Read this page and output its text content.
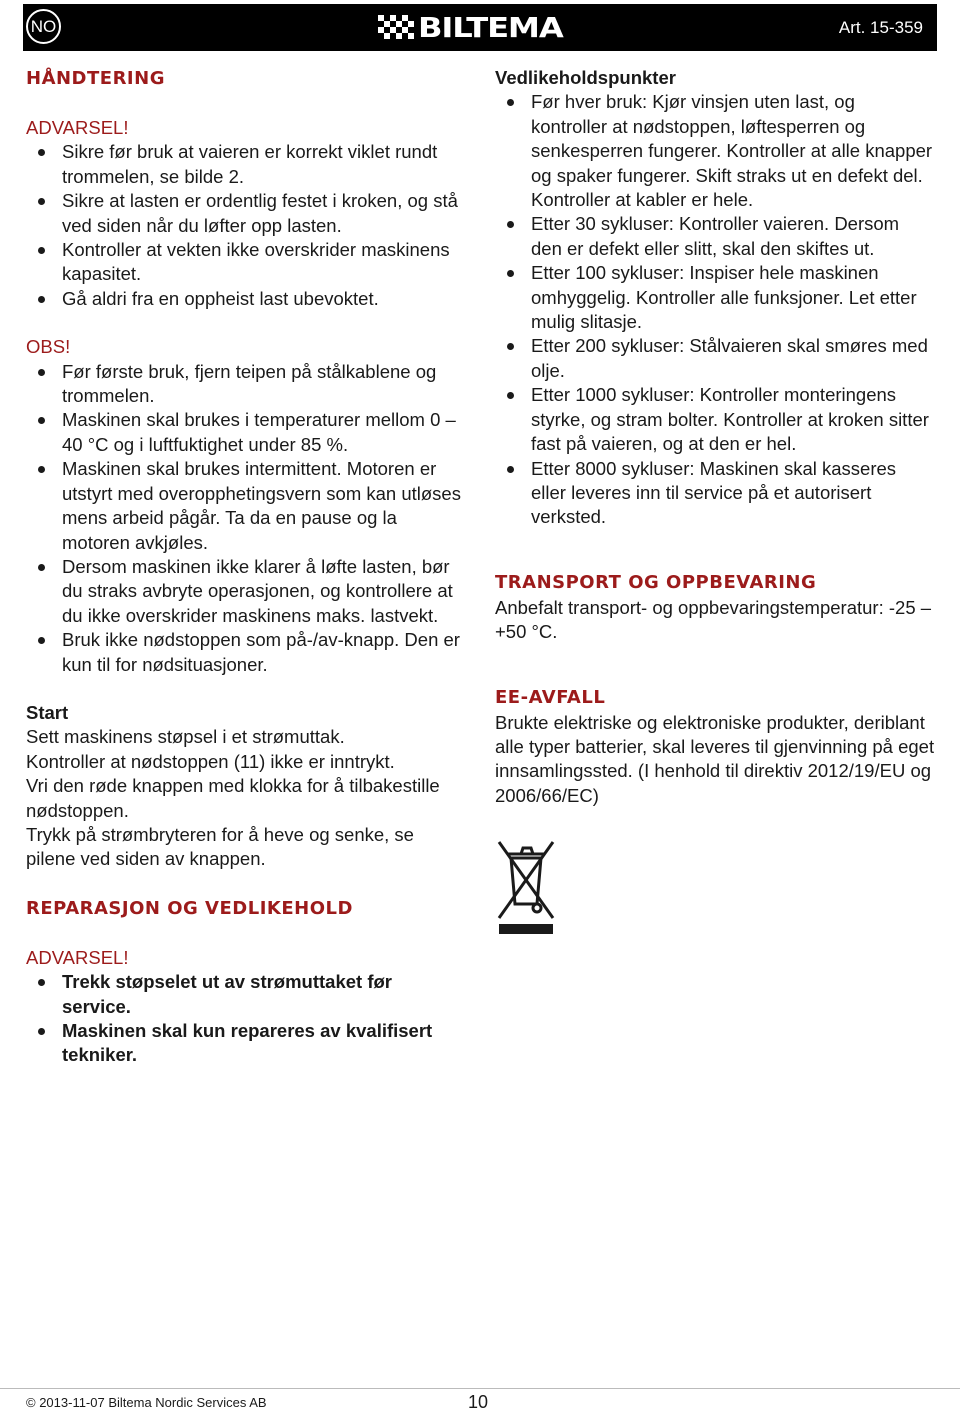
NO	BILTEMA	Art. 15-359
HÅNDTERING

ADVARSEL!

Sikre før bruk at vaieren er korrekt viklet rundt trommelen, se bilde 2.
Sikre at lasten er ordentlig festet i kroken, og stå ved siden når du løfter opp lasten.
Kontroller at vekten ikke overskrider maskinens kapasitet.
Gå aldri fra en oppheist last ubevoktet.

OBS!

Før første bruk, fjern teipen på stålkablene og trommelen.
Maskinen skal brukes i temperaturer mellom 0 – 40 °C og i luftfuktighet under 85 %.
Maskinen skal brukes intermittent. Motoren er utstyrt med overopphetingsvern som kan utløses mens arbeid pågår. Ta da en pause og la motoren avkjøles.
Dersom maskinen ikke klarer å løfte lasten, bør du straks avbryte operasjonen, og kontrollere at du ikke overskrider maskinens maks. lastvekt.
Bruk ikke nødstoppen som på-/av-knapp. Den er kun til for nødsituasjoner.

Start

Sett maskinens støpsel i et strømuttak.

Kontroller at nødstoppen (11) ikke er inntrykt.

Vri den røde knappen med klokka for å tilbakestille nødstoppen.

Trykk på strømbryteren for å heve og senke, se pilene ved siden av knappen.

REPARASJON OG VEDLIKEHOLD

ADVARSEL!

Trekk støpselet ut av strømuttaket før service.
Maskinen skal kun repareres av kvalifisert tekniker.

Vedlikeholdspunkter

Før hver bruk: Kjør vinsjen uten last, og kontroller at nødstoppen, løftesperren og senkesperren fungerer. Kontroller at alle knapper og spaker fungerer. Skift straks ut en defekt del. Kontroller at kabler er hele.
Etter 30 sykluser: Kontroller vaieren. Dersom den er defekt eller slitt, skal den skiftes ut.
Etter 100 sykluser: Inspiser hele maskinen omhyggelig. Kontroller alle funksjoner. Let etter mulig slitasje.
Etter 200 sykluser: Stålvaieren skal smøres med olje.
Etter 1000 sykluser: Kontroller monteringens styrke, og stram bolter. Kontroller at kroken sitter fast på vaieren, og at den er hel.
Etter 8000 sykluser: Maskinen skal kasseres eller leveres inn til service på et autorisert verksted.
TRANSPORT OG OPPBEVARING

Anbefalt transport- og oppbevaringstemperatur: -25 – +50 °C.

EE-AVFALL

Brukte elektriske og elektroniske produkter, deriblant alle typer batterier, skal leveres til gjenvinning på eget innsamlingssted. (I henhold til direktiv 2012/19/EU og 2006/66/EC)

© 2013-11-07 Biltema Nordic Services AB	10
